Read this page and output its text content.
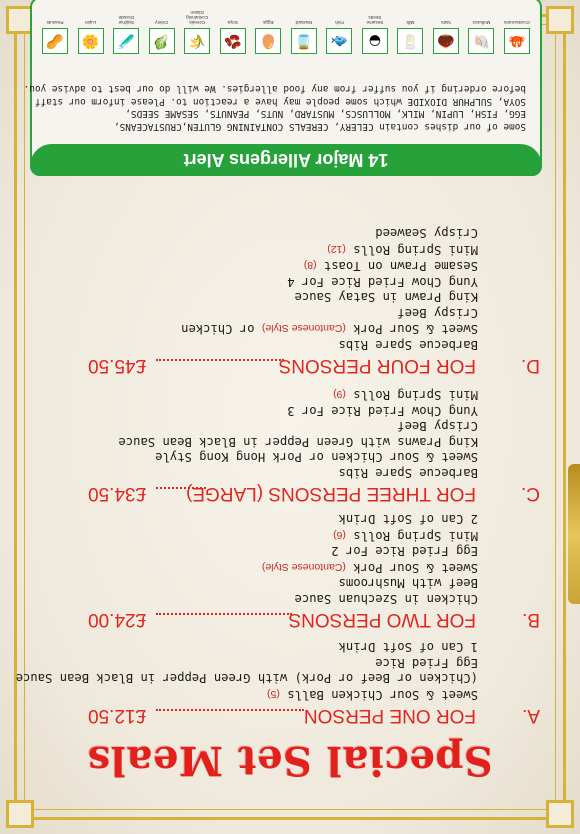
Special Set Meals
A.
FOR ONE PERSON
£12.50
Sweet & Sour Chicken Balls (5)
(Chicken or Beef or Pork) with Green Pepper in Black Bean Sauce
Egg Fried Rice
1 Can of Soft Drink
B.
FOR TWO PERSONS
£24.00
Chicken in Szechuan Sauce
Beef with Mushrooms
Sweet & Sour Pork (Cantonese Style)
Egg Fried Rice For 2
Mini Spring Rolls (6)
2 Can of Soft Drink
C.
FOR THREE PERSONS (LARGE)
£34.50
Barbecue Spare Ribs
Sweet & Sour Chicken or Pork Hong Kong Style
King Prawns with Green Pepper in Black Bean Sauce
Crispy Beef
Yung Chow Fried Rice For 3
Mini Spring Rolls (9)
D.
FOR FOUR PERSONS
£45.50
Barbecue Spare Ribs
Sweet & Sour Pork (Cantonese Style) or Chicken
Crispy Beef
King Prawn in Satay Sauce
Yung Chow Fried Rice For 4
Sesame Prawn on Toast (8)
Mini Spring Rolls (12)
Crispy Seaweed
14 Major Allergens Alert
Some of our dishes contain CELERY, CEREALS CONTAINING GLUTEN,CRUSTACEANS,
EGG, FISH, LUPIN, MILK, MOLLUSCS, MUSTARD, NUTS, PEANUTS, SESAME SEEDS,
SOYA, SULPHUR DIOXIDE which some people may have a reaction to. Please inform our staff
before ordering if you suffer from any food allergies. We will do our best to advise you.
🦀
Crustaceans
🐚
Molluscs
🌰
Nuts
🥛
Milk
◒
Sesame Seeds
🐟
Fish
🫙
Mustard
🥚
Eggs
🫘
Soya
🌾
Cereals Containing Gluten
🥬
Celery
🧪
Sulphur Dioxide
🌼
Lupin
🥜
Peanuts
